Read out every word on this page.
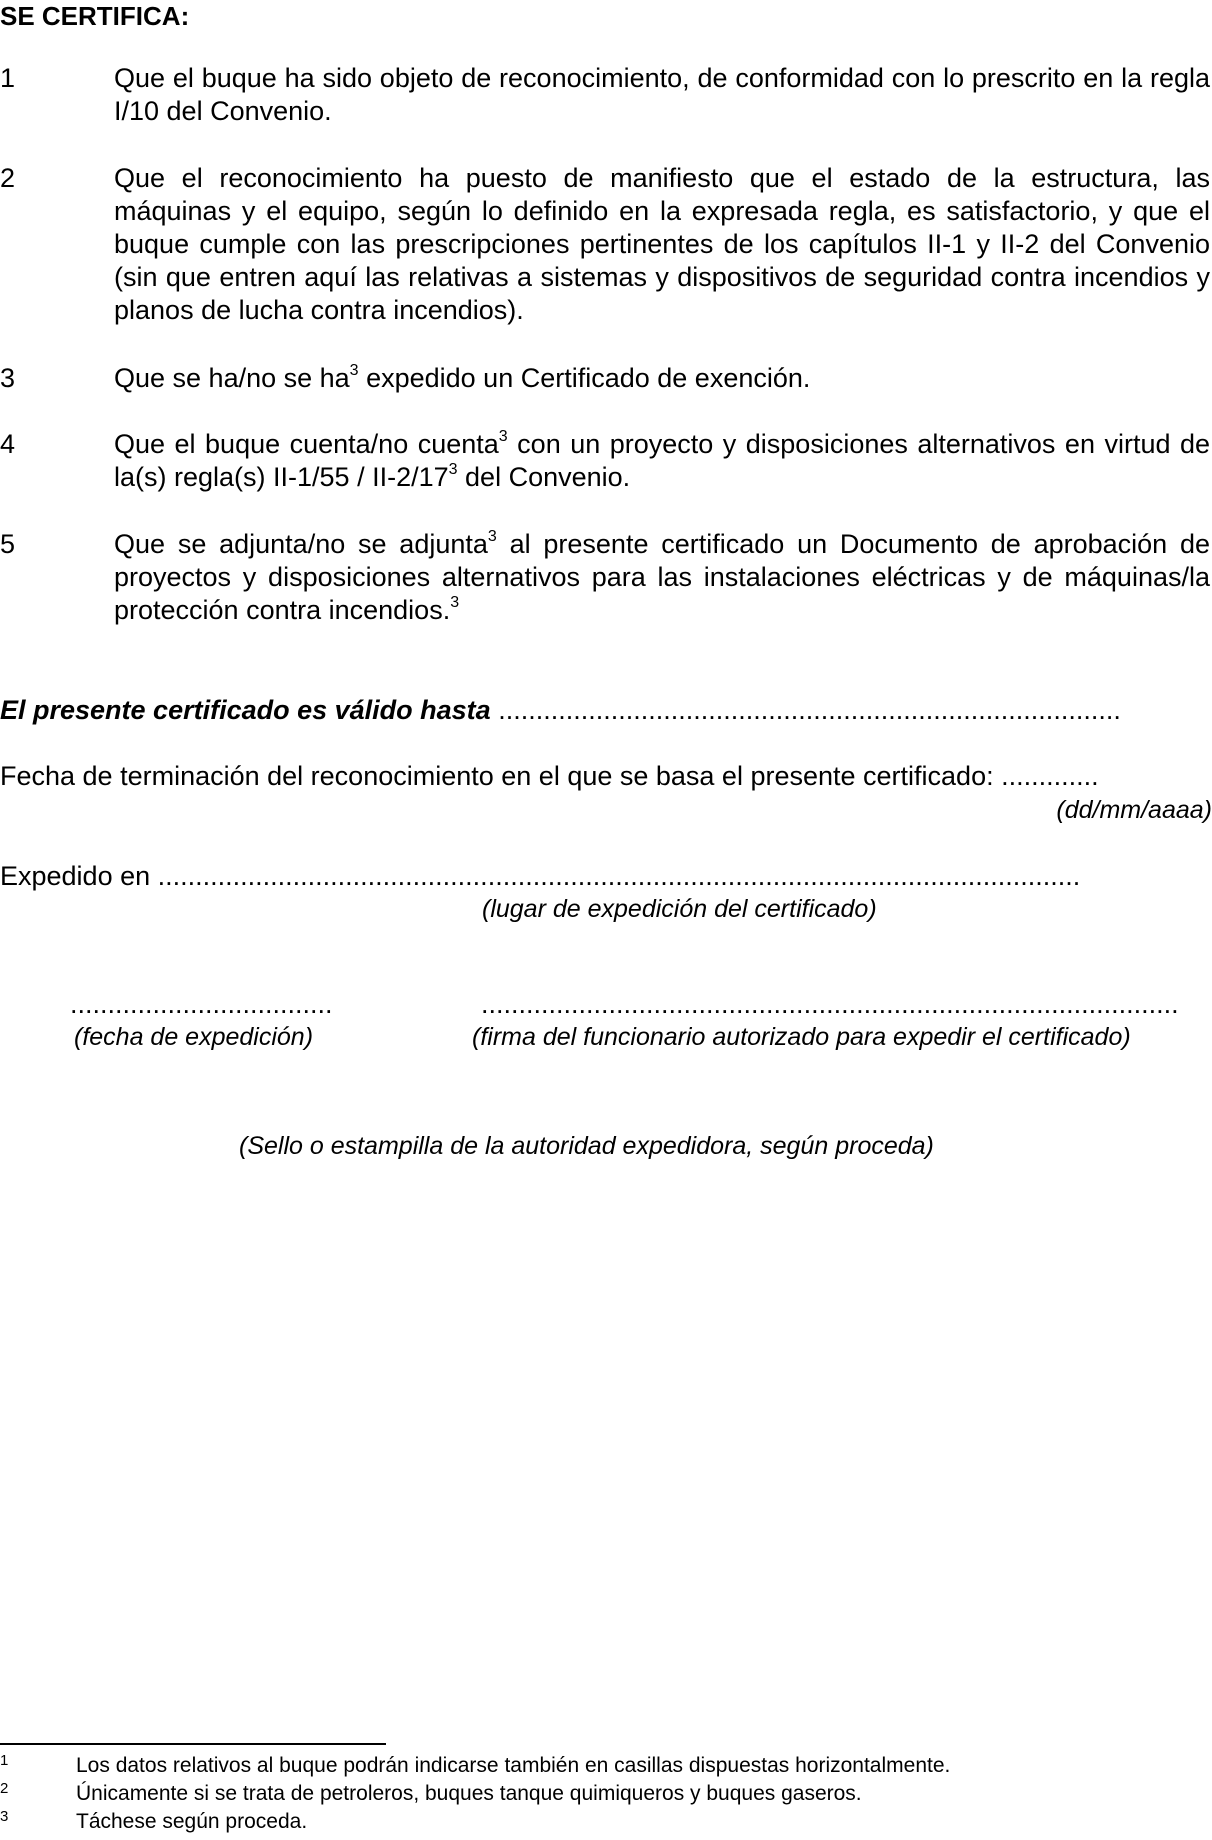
SE CERTIFICA:
1	Que el buque ha sido objeto de reconocimiento, de conformidad con lo prescrito en la regla I/10 del Convenio.
2	Que el reconocimiento ha puesto de manifiesto que el estado de la estructura, las máquinas y el equipo, según lo definido en la expresada regla, es satisfactorio, y que el buque cumple con las prescripciones pertinentes de los capítulos II-1 y II-2 del Convenio (sin que entren aquí las relativas a sistemas y dispositivos de seguridad contra incendios y planos de lucha contra incendios).
3	Que se ha/no se $ha^3$ expedido un Certificado de exención.
4	Que el buque cuenta/no cuenta$^3$ con un proyecto y disposiciones alternativos en virtud de la(s) regla(s) $II-1/55 / II-2/17^3$ del Convenio.
5	Que se adjunta/no se adjunta$^3$ al presente certificado un Documento de aprobación de proyectos y disposiciones alternativos para las instalaciones eléctricas y de máquinas/la protección contra incendios.$^3$
El presente certificado es válido hasta ...................................................................................
Fecha de terminación del reconocimiento en el que se basa el presente certificado: .............
(dd/mm/aaaa)
Expedido en ...........................................................................................................................
(lugar de expedición del certificado)
...................................
(fecha de expedición)
.............................................................................................
(firma del funcionario autorizado para expedir el certificado)
(Sello o estampilla de la autoridad expedidora, según proceda)
1	Los datos relativos al buque podrán indicarse también en casillas dispuestas horizontalmente.
2	Únicamente si se trata de petroleros, buques tanque quimiqueros y buques gaseros.
3	Táchese según proceda.
